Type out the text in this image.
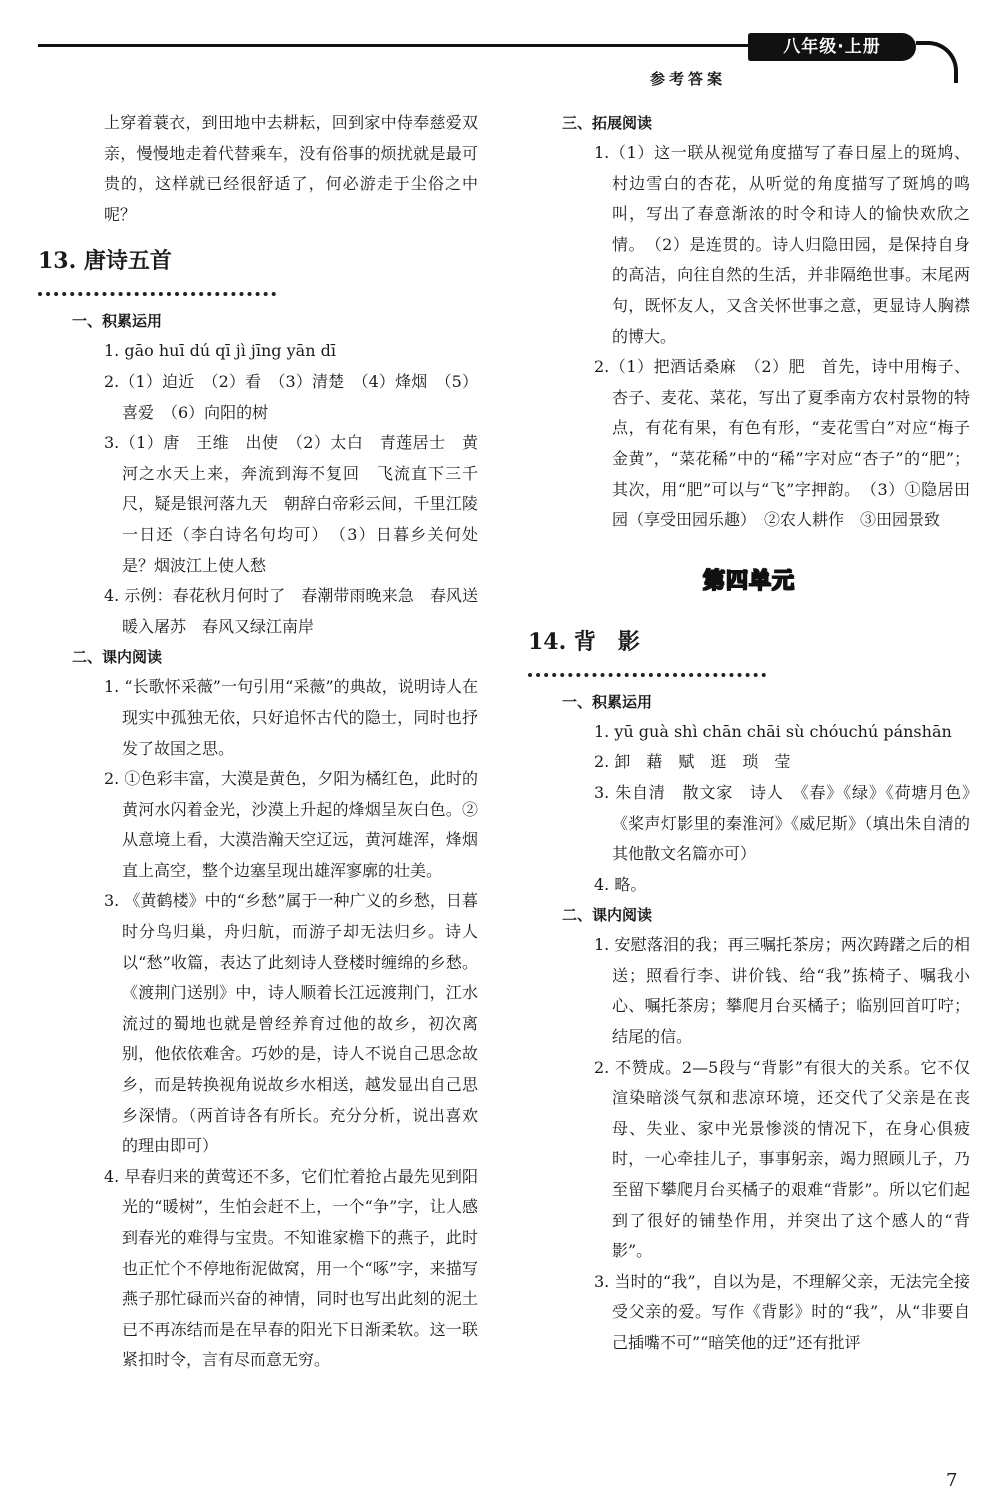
八年级·上册
参考答案
上穿着蓑衣，到田地中去耕耘，回到家中侍奉慈爱双亲，慢慢地走着代替乘车，没有俗事的烦扰就是最可贵的，这样就已经很舒适了，何必游走于尘俗之中呢？
13. 唐诗五首
一、积累运用
1. gāo huī dú qī jì jīng yān dī
2.（1）迫近　（2）看　（3）清楚　（4）烽烟　（5）喜爱　（6）向阳的树
3.（1）唐　王维　出使　（2）太白　青莲居士　黄河之水天上来，奔流到海不复回　飞流直下三千尺，疑是银河落九天　朝辞白帝彩云间，千里江陵一日还（李白诗名句均可）　（3）日暮乡关何处是？烟波江上使人愁
4. 示例：春花秋月何时了　春潮带雨晚来急　春风送暖入屠苏　春风又绿江南岸
二、课内阅读
1. “长歌怀采薇”一句引用“采薇”的典故，说明诗人在现实中孤独无依，只好追怀古代的隐士，同时也抒发了故国之思。
2. ①色彩丰富，大漠是黄色，夕阳为橘红色，此时的黄河水闪着金光，沙漠上升起的烽烟呈灰白色。②从意境上看，大漠浩瀚天空辽远，黄河雄浑，烽烟直上高空，整个边塞呈现出雄浑寥廓的壮美。
3. 《黄鹤楼》中的“乡愁”属于一种广义的乡愁，日暮时分鸟归巢，舟归航，而游子却无法归乡。诗人以“愁”收篇，表达了此刻诗人登楼时缠绵的乡愁。《渡荆门送别》中，诗人顺着长江远渡荆门，江水流过的蜀地也就是曾经养育过他的故乡，初次离别，他依依难舍。巧妙的是，诗人不说自己思念故乡，而是转换视角说故乡水相送，越发显出自己思乡深情。（两首诗各有所长。充分分析，说出喜欢的理由即可）
4. 早春归来的黄莺还不多，它们忙着抢占最先见到阳光的“暖树”，生怕会赶不上，一个“争”字，让人感到春光的难得与宝贵。不知谁家檐下的燕子，此时也正忙个不停地衔泥做窝，用一个“啄”字，来描写燕子那忙碌而兴奋的神情，同时也写出此刻的泥土已不再冻结而是在早春的阳光下日渐柔软。这一联紧扣时令，言有尽而意无穷。
三、拓展阅读
1.（1）这一联从视觉角度描写了春日屋上的斑鸠、村边雪白的杏花，从听觉的角度描写了斑鸠的鸣叫，写出了春意渐浓的时令和诗人的愉快欢欣之情。　（2）是连贯的。诗人归隐田园，是保持自身的高洁，向往自然的生活，并非隔绝世事。末尾两句，既怀友人，又含关怀世事之意，更显诗人胸襟的博大。
2.（1）把酒话桑麻　（2）肥　首先，诗中用梅子、杏子、麦花、菜花，写出了夏季南方农村景物的特点，有花有果，有色有形，“麦花雪白”对应“梅子金黄”，“菜花稀”中的“稀”字对应“杏子”的“肥”；其次，用“肥”可以与“飞”字押韵。　（3）①隐居田园（享受田园乐趣）　②农人耕作　③田园景致
第四单元
14. 背　影
一、积累运用
1. yū guà shì chān chāi sù chóuchú pánshān
2. 卸　藉　赋　逛　琐　莹
3. 朱自清　散文家　诗人　《春》《绿》《荷塘月色》　《桨声灯影里的秦淮河》《威尼斯》（填出朱自清的其他散文名篇亦可）
4. 略。
二、课内阅读
1. 安慰落泪的我；再三嘱托茶房；两次踌躇之后的相送；照看行李、讲价钱、给“我”拣椅子、嘱我小心、嘱托茶房；攀爬月台买橘子；临别回首叮咛；结尾的信。
2. 不赞成。2—5段与“背影”有很大的关系。它不仅渲染暗淡气氛和悲凉环境，还交代了父亲是在丧母、失业、家中光景惨淡的情况下，在身心俱疲时，一心牵挂儿子，事事躬亲，竭力照顾儿子，乃至留下攀爬月台买橘子的艰难“背影”。所以它们起到了很好的铺垫作用，并突出了这个感人的“背影”。
3. 当时的“我”，自以为是，不理解父亲，无法完全接受父亲的爱。写作《背影》时的“我”，从“非要自己插嘴不可”“暗笑他的迂”还有批评
7
